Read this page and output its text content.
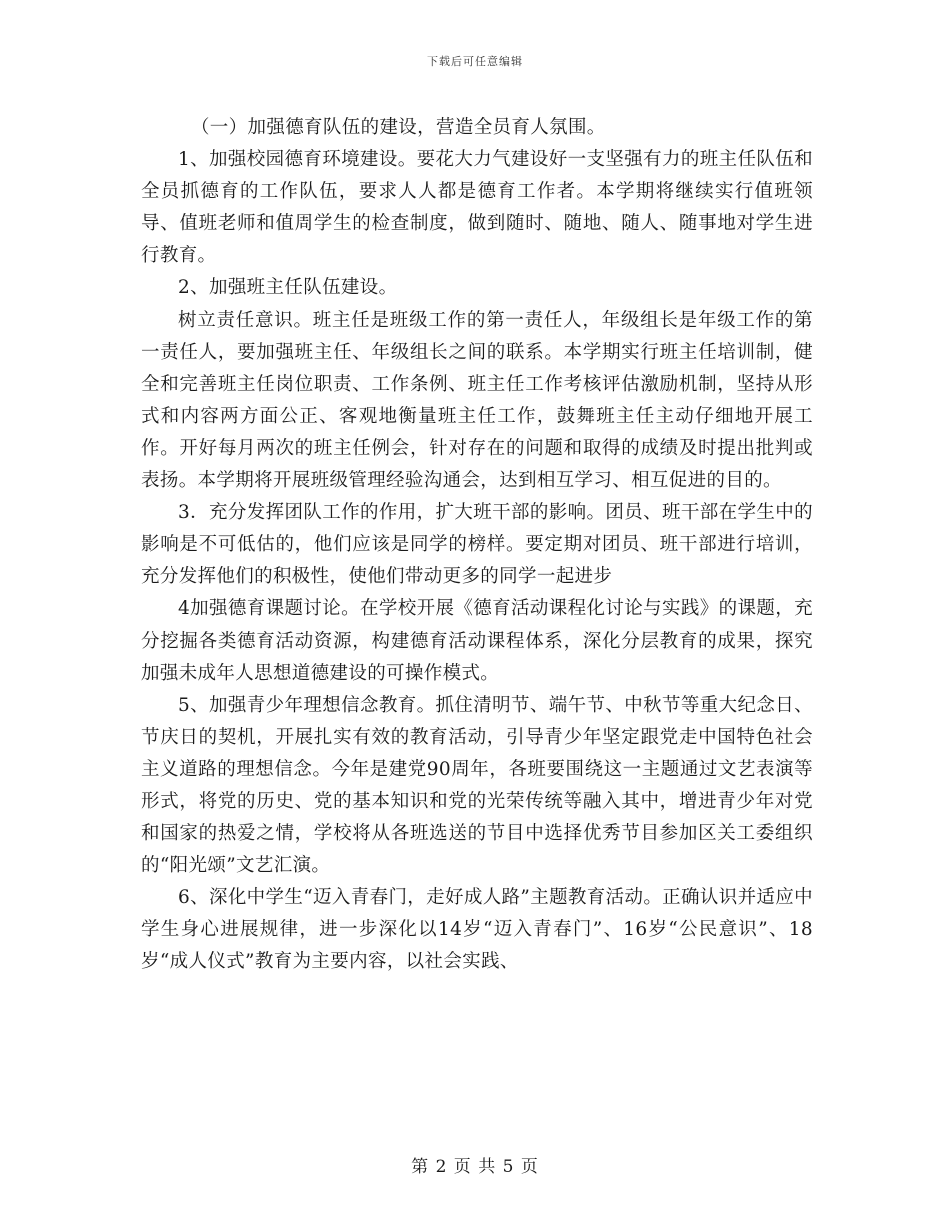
下载后可任意编辑

（一）加强德育队伍的建设，营造全员育人氛围。

1、加强校园德育环境建设。要花大力气建设好一支坚强有力的班主任队伍和全员抓德育的工作队伍，要求人人都是德育工作者。本学期将继续实行值班领导、值班老师和值周学生的检查制度，做到随时、随地、随人、随事地对学生进行教育。

2、加强班主任队伍建设。

树立责任意识。班主任是班级工作的第一责任人，年级组长是年级工作的第一责任人，要加强班主任、年级组长之间的联系。本学期实行班主任培训制，健全和完善班主任岗位职责、工作条例、班主任工作考核评估激励机制，坚持从形式和内容两方面公正、客观地衡量班主任工作，鼓舞班主任主动仔细地开展工作。开好每月两次的班主任例会，针对存在的问题和取得的成绩及时提出批判或表扬。本学期将开展班级管理经验沟通会，达到相互学习、相互促进的目的。

3．充分发挥团队工作的作用，扩大班干部的影响。团员、班干部在学生中的影响是不可低估的，他们应该是同学的榜样。要定期对团员、班干部进行培训，充分发挥他们的积极性，使他们带动更多的同学一起进步

4加强德育课题讨论。在学校开展《德育活动课程化讨论与实践》的课题，充分挖掘各类德育活动资源，构建德育活动课程体系，深化分层教育的成果，探究加强未成年人思想道德建设的可操作模式。

5、加强青少年理想信念教育。抓住清明节、端午节、中秋节等重大纪念日、节庆日的契机，开展扎实有效的教育活动，引导青少年坚定跟党走中国特色社会主义道路的理想信念。今年是建党90周年，各班要围绕这一主题通过文艺表演等形式，将党的历史、党的基本知识和党的光荣传统等融入其中，增进青少年对党和国家的热爱之情，学校将从各班选送的节目中选择优秀节目参加区关工委组织的“阳光颂”文艺汇演。

6、深化中学生“迈入青春门，走好成人路”主题教育活动。正确认识并适应中学生身心进展规律，进一步深化以14岁“迈入青春门”、16岁“公民意识”、18岁“成人仪式”教育为主要内容，以社会实践、

第 2 页 共 5 页
